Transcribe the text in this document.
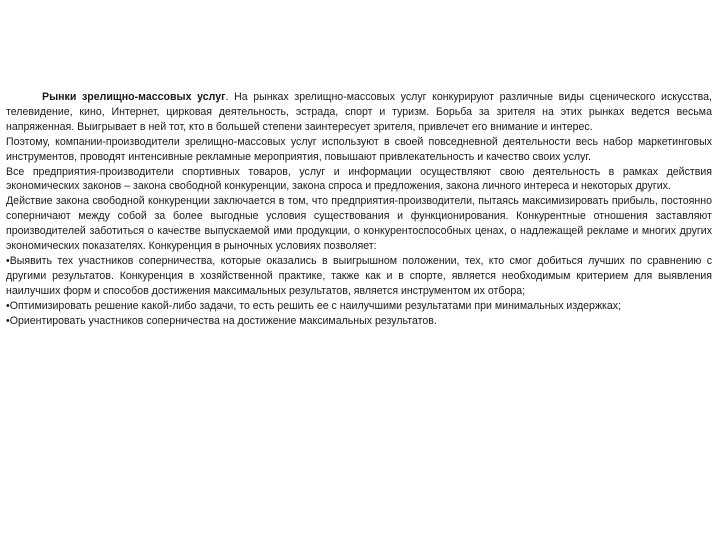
Рынки зрелищно-массовых услуг. На рынках зрелищно-массовых услуг конкурируют различные виды сценического искусства, телевидение, кино, Интернет, цирковая деятельность, эстрада, спорт и туризм. Борьба за зрителя на этих рынках ведется весьма напряженная. Выигрывает в ней тот, кто в большей степени заинтересует зрителя, привлечет его внимание и интерес.

Поэтому, компании-производители зрелищно-массовых услуг используют в своей повседневной деятельности весь набор маркетинговых инструментов, проводят интенсивные рекламные мероприятия, повышают привлекательность и качество своих услуг.

Все предприятия-производители спортивных товаров, услуг и информации осуществляют свою деятельность в рамках действия экономических законов – закона свободной конкуренции, закона спроса и предложения, закона личного интереса и некоторых других.

Действие закона свободной конкуренции заключается в том, что предприятия-производители, пытаясь максимизировать прибыль, постоянно соперничают между собой за более выгодные условия существования и функционирования. Конкурентные отношения заставляют производителей заботиться о качестве выпускаемой ими продукции, о конкурентоспособных ценах, о надлежащей рекламе и многих других экономических показателях. Конкуренция в рыночных условиях позволяет:

•Выявить тех участников соперничества, которые оказались в выигрышном положении, тех, кто смог добиться лучших по сравнению с другими результатов. Конкуренция в хозяйственной практике, также как и в спорте, является необходимым критерием для выявления наилучших форм и способов достижения максимальных результатов, является инструментом их отбора;

•Оптимизировать решение какой-либо задачи, то есть решить ее с наилучшими результатами при минимальных издержках;

•Ориентировать участников соперничества на достижение максимальных результатов.
